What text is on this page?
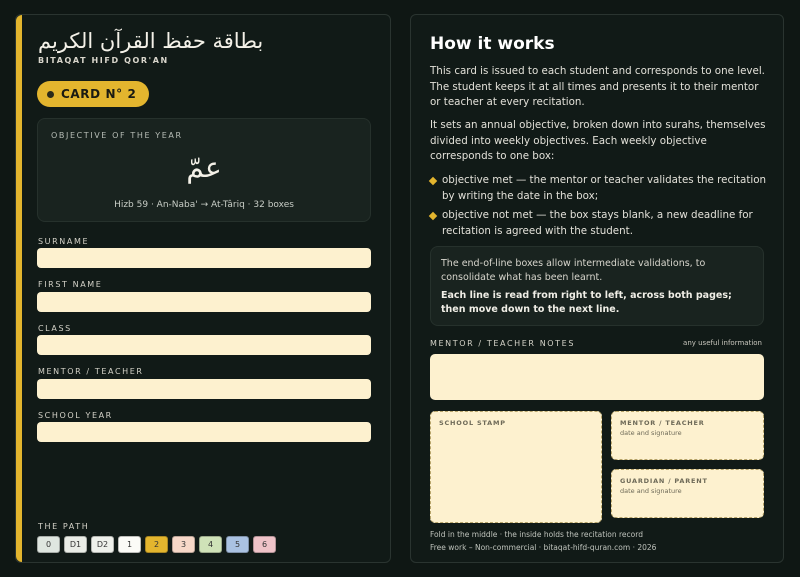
بطاقة حفظ القرآن الكريم
BITAQAT HIFD QOR'AN
CARD N° 2
OBJECTIVE OF THE YEAR
عمّ
Hizb 59 · An-Naba' → At-Târiq · 32 boxes
SURNAME
FIRST NAME
CLASS
MENTOR / TEACHER
SCHOOL YEAR
THE PATH
0	D1	D2	1	2	3	4	5	6
How it works
This card is issued to each student and corresponds to one level. The student keeps it at all times and presents it to their mentor or teacher at every recitation.
It sets an annual objective, broken down into surahs, themselves divided into weekly objectives. Each weekly objective corresponds to one box:
objective met — the mentor or teacher validates the recitation by writing the date in the box;
objective not met — the box stays blank, a new deadline for recitation is agreed with the student.
The end-of-line boxes allow intermediate validations, to consolidate what has been learnt.
Each line is read from right to left, across both pages; then move down to the next line.
MENTOR / TEACHER NOTES	any useful information
SCHOOL STAMP	MENTOR / TEACHER
date and signature
GUARDIAN / PARENT
date and signature
Fold in the middle · the inside holds the recitation record
Free work – Non-commercial · bitaqat-hifd-quran.com · 2026
